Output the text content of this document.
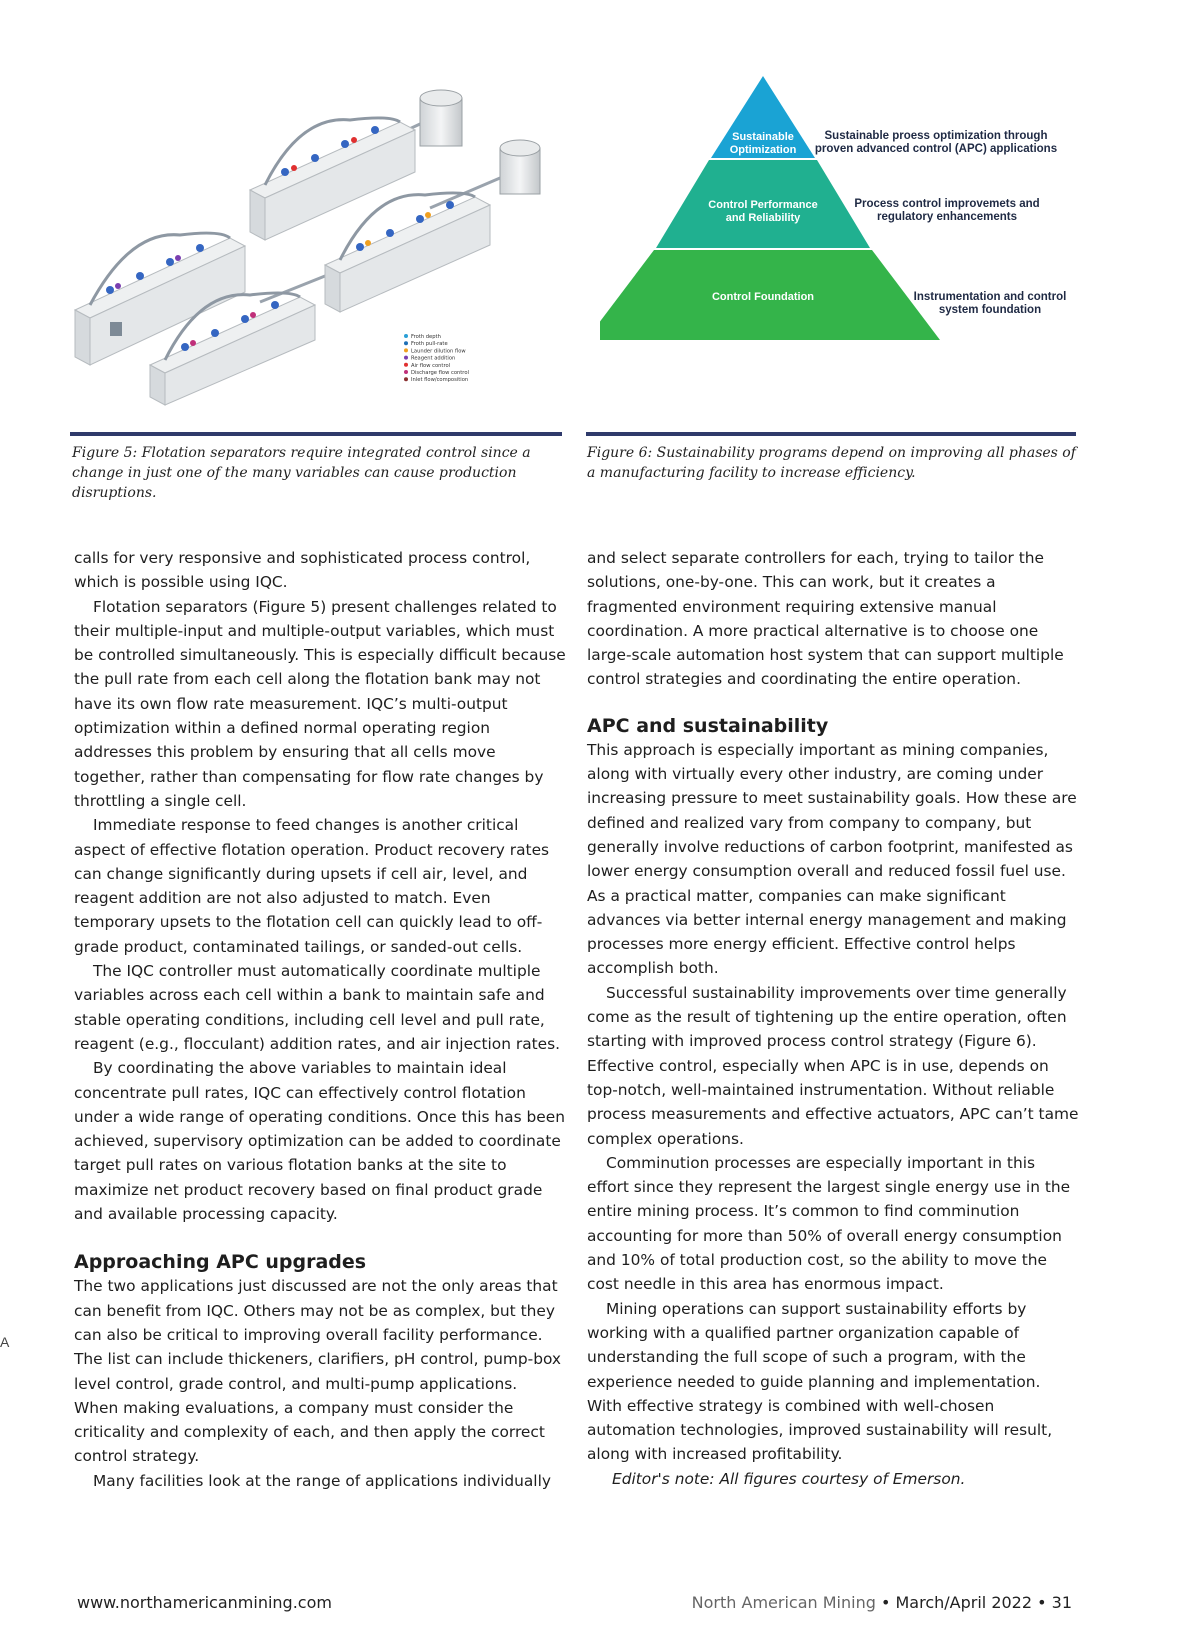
Froth depth
Froth pull-rate
Launder dilution flow
Reagent addition
Air flow control
Discharge flow control
Inlet flow/composition
Sustainable Optimization
Control Performance and Reliability
Control Foundation
Sustainable proess optimization through proven advanced control (APC) applications
Process control improvemets and regulatory enhancements
Instrumentation and control system foundation
Figure 5: Flotation separators require integrated control since a change in just one of the many variables can cause production disruptions.
Figure 6: Sustainability programs depend on improving all phases of a manufacturing facility to increase efficiency.

calls for very responsive and sophisticated process control, which is possible using IQC.

Flotation separators (Figure 5) present challenges related to their multiple-input and multiple-output variables, which must be controlled simultaneously. This is especially difficult because the pull rate from each cell along the flotation bank may not have its own flow rate measurement. IQC’s multi-output optimization within a defined normal operating region addresses this problem by ensuring that all cells move together, rather than compensating for flow rate changes by throttling a single cell.

Immediate response to feed changes is another critical aspect of effective flotation operation. Product recovery rates can change significantly during upsets if cell air, level, and reagent addition are not also adjusted to match. Even temporary upsets to the flotation cell can quickly lead to off-grade product, contaminated tailings, or sanded-out cells.

The IQC controller must automatically coordinate multiple variables across each cell within a bank to maintain safe and stable operating conditions, including cell level and pull rate, reagent (e.g., flocculant) addition rates, and air injection rates.

By coordinating the above variables to maintain ideal concentrate pull rates, IQC can effectively control flotation under a wide range of operating conditions. Once this has been achieved, supervisory optimization can be added to coordinate target pull rates on various flotation banks at the site to maximize net product recovery based on final product grade and available processing capacity.

Approaching APC upgrades

The two applications just discussed are not the only areas that can benefit from IQC. Others may not be as complex, but they can also be critical to improving overall facility performance. The list can include thickeners, clarifiers, pH control, pump-box level control, grade control, and multi-pump applications. When making evaluations, a company must consider the criticality and complexity of each, and then apply the correct control strategy.

Many facilities look at the range of applications individually

and select separate controllers for each, trying to tailor the solutions, one-by-one. This can work, but it creates a fragmented environment requiring extensive manual coordination. A more practical alternative is to choose one large-scale automation host system that can support multiple control strategies and coordinating the entire operation.

APC and sustainability

This approach is especially important as mining companies, along with virtually every other industry, are coming under increasing pressure to meet sustainability goals. How these are defined and realized vary from company to company, but generally involve reductions of carbon footprint, manifested as lower energy consumption overall and reduced fossil fuel use. As a practical matter, companies can make significant advances via better internal energy management and making processes more energy efficient. Effective control helps accomplish both.

Successful sustainability improvements over time generally come as the result of tightening up the entire operation, often starting with improved process control strategy (Figure 6). Effective control, especially when APC is in use, depends on top-notch, well-maintained instrumentation. Without reliable process measurements and effective actuators, APC can’t tame complex operations.

Comminution processes are especially important in this effort since they represent the largest single energy use in the entire mining process. It’s common to find comminution accounting for more than 50% of overall energy consumption and 10% of total production cost, so the ability to move the cost needle in this area has enormous impact.

Mining operations can support sustainability efforts by working with a qualified partner organization capable of understanding the full scope of such a program, with the experience needed to guide planning and implementation. With effective strategy is combined with well-chosen automation technologies, improved sustainability will result, along with increased profitability.

Editor's note: All figures courtesy of Emerson.

www.northamericanmining.com	North American Mining • March/April 2022 • 31
A
